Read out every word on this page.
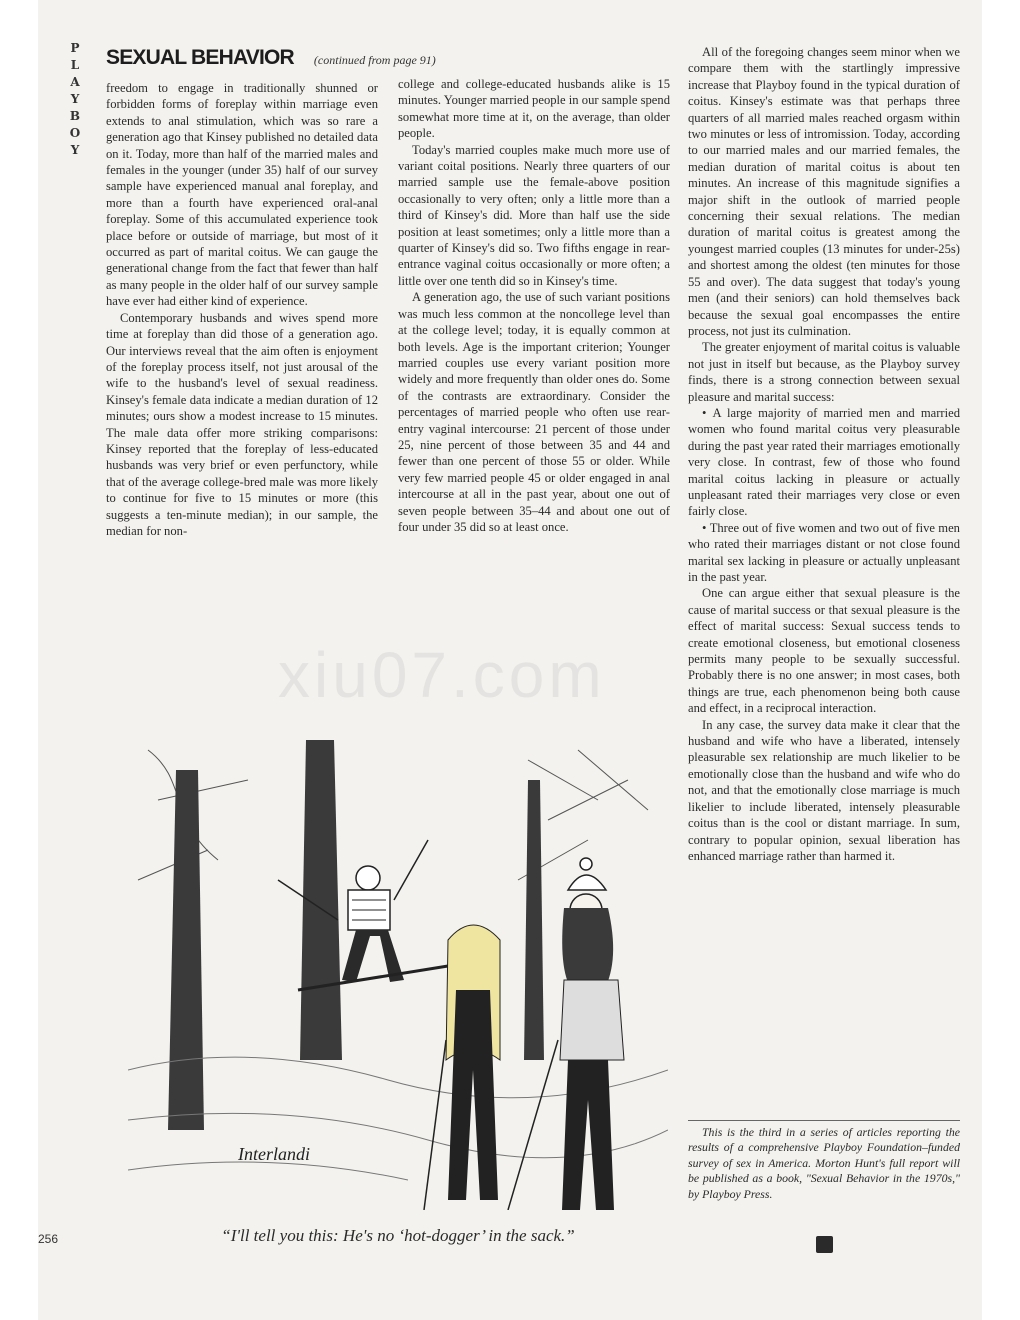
P
L
A
Y
B
O
Y
SEXUAL BEHAVIOR (continued from page 91)

freedom to engage in traditionally shunned or forbidden forms of foreplay within marriage even extends to anal stimulation, which was so rare a generation ago that Kinsey published no detailed data on it. Today, more than half of the married males and females in the younger (under 35) half of our survey sample have experienced manual anal foreplay, and more than a fourth have experienced oral-anal foreplay. Some of this accumulated experience took place before or outside of marriage, but most of it occurred as part of marital coitus. We can gauge the generational change from the fact that fewer than half as many people in the older half of our survey sample have ever had either kind of experience.

Contemporary husbands and wives spend more time at foreplay than did those of a generation ago. Our interviews reveal that the aim often is enjoyment of the foreplay process itself, not just arousal of the wife to the husband's level of sexual readiness. Kinsey's female data indicate a median duration of 12 minutes; ours show a modest increase to 15 minutes. The male data offer more striking comparisons: Kinsey reported that the foreplay of less-educated husbands was very brief or even perfunctory, while that of the average college-bred male was more likely to continue for five to 15 minutes or more (this suggests a ten-minute median); in our sample, the median for non-

college and college-educated husbands alike is 15 minutes. Younger married people in our sample spend somewhat more time at it, on the average, than older people.

Today's married couples make much more use of variant coital positions. Nearly three quarters of our married sample use the female-above position occasionally to very often; only a little more than a third of Kinsey's did. More than half use the side position at least sometimes; only a little more than a quarter of Kinsey's did so. Two fifths engage in rear-entrance vaginal coitus occasionally or more often; a little over one tenth did so in Kinsey's time.

A generation ago, the use of such variant positions was much less common at the noncollege level than at the college level; today, it is equally common at both levels. Age is the important criterion; Younger married couples use every variant position more widely and more frequently than older ones do. Some of the contrasts are extraordinary. Consider the percentages of married people who often use rear-entry vaginal intercourse: 21 percent of those under 25, nine percent of those between 35 and 44 and fewer than one percent of those 55 or older. While very few married people 45 or older engaged in anal intercourse at all in the past year, about one out of seven people between 35–44 and about one out of four under 35 did so at least once.

All of the foregoing changes seem minor when we compare them with the startlingly impressive increase that Playboy found in the typical duration of coitus. Kinsey's estimate was that perhaps three quarters of all married males reached orgasm within two minutes or less of intromission. Today, according to our married males and our married females, the median duration of marital coitus is about ten minutes. An increase of this magnitude signifies a major shift in the outlook of married people concerning their sexual relations. The median duration of marital coitus is greatest among the youngest married couples (13 minutes for under-25s) and shortest among the oldest (ten minutes for those 55 and over). The data suggest that today's young men (and their seniors) can hold themselves back because the sexual goal encompasses the entire process, not just its culmination.

The greater enjoyment of marital coitus is valuable not just in itself but because, as the Playboy survey finds, there is a strong connection between sexual pleasure and marital success:

• A large majority of married men and married women who found marital coitus very pleasurable during the past year rated their marriages emotionally very close. In contrast, few of those who found marital coitus lacking in pleasure or actually unpleasant rated their marriages very close or even fairly close.

• Three out of five women and two out of five men who rated their marriages distant or not close found marital sex lacking in pleasure or actually unpleasant in the past year.

One can argue either that sexual pleasure is the cause of marital success or that sexual pleasure is the effect of marital success: Sexual success tends to create emotional closeness, but emotional closeness permits many people to be sexually successful. Probably there is no one answer; in most cases, both things are true, each phenomenon being both cause and effect, in a reciprocal interaction.

In any case, the survey data make it clear that the husband and wife who have a liberated, intensely pleasurable sex relationship are much likelier to be emotionally close than the husband and wife who do not, and that the emotionally close marriage is much likelier to include liberated, intensely pleasurable coitus than is the cool or distant marriage. In sum, contrary to popular opinion, sexual liberation has enhanced marriage rather than harmed it.

This is the third in a series of articles reporting the results of a comprehensive Playboy Foundation–funded survey of sex in America. Morton Hunt's full report will be published as a book, "Sexual Behavior in the 1970s," by Playboy Press.

Interlandi
“I'll tell you this: He's no ‘hot-dogger’ in the sack.”
256
xiu07.com
